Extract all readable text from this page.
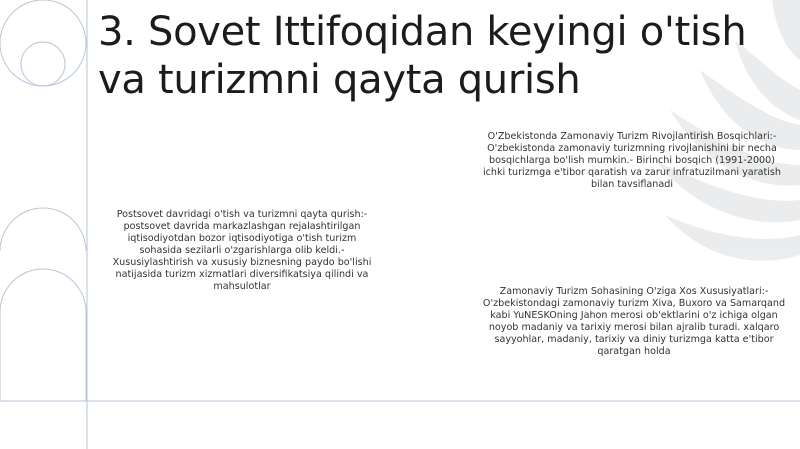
3. Sovet Ittifoqidan keyingi o'tish
va turizmni qayta qurish
O'Zbekistonda Zamonaviy Turizm Rivojlantirish Bosqichlari:- O'zbekistonda zamonaviy turizmning rivojlanishini bir necha bosqichlarga bo'lish mumkin.- Birinchi bosqich (1991-2000) ichki turizmga e'tibor qaratish va zarur infratuzilmani yaratish bilan tavsiflanadi
Postsovet davridagi o'tish va turizmni qayta qurish:- postsovet davrida markazlashgan rejalashtirilgan iqtisodiyotdan bozor iqtisodiyotiga o'tish turizm sohasida sezilarli o'zgarishlarga olib keldi.- Xususiylashtirish va xususiy biznesning paydo bo'lishi natijasida turizm xizmatlari diversifikatsiya qilindi va mahsulotlar	Zamonaviy Turizm Sohasining O'ziga Xos Xususiyatlari:- O'zbekistondagi zamonaviy turizm Xiva, Buxoro va Samarqand kabi YuNESKOning Jahon merosi ob'ektlarini o'z ichiga olgan noyob madaniy va tarixiy merosi bilan ajralib turadi. xalqaro sayyohlar, madaniy, tarixiy va diniy turizmga katta e'tibor qaratgan holda
